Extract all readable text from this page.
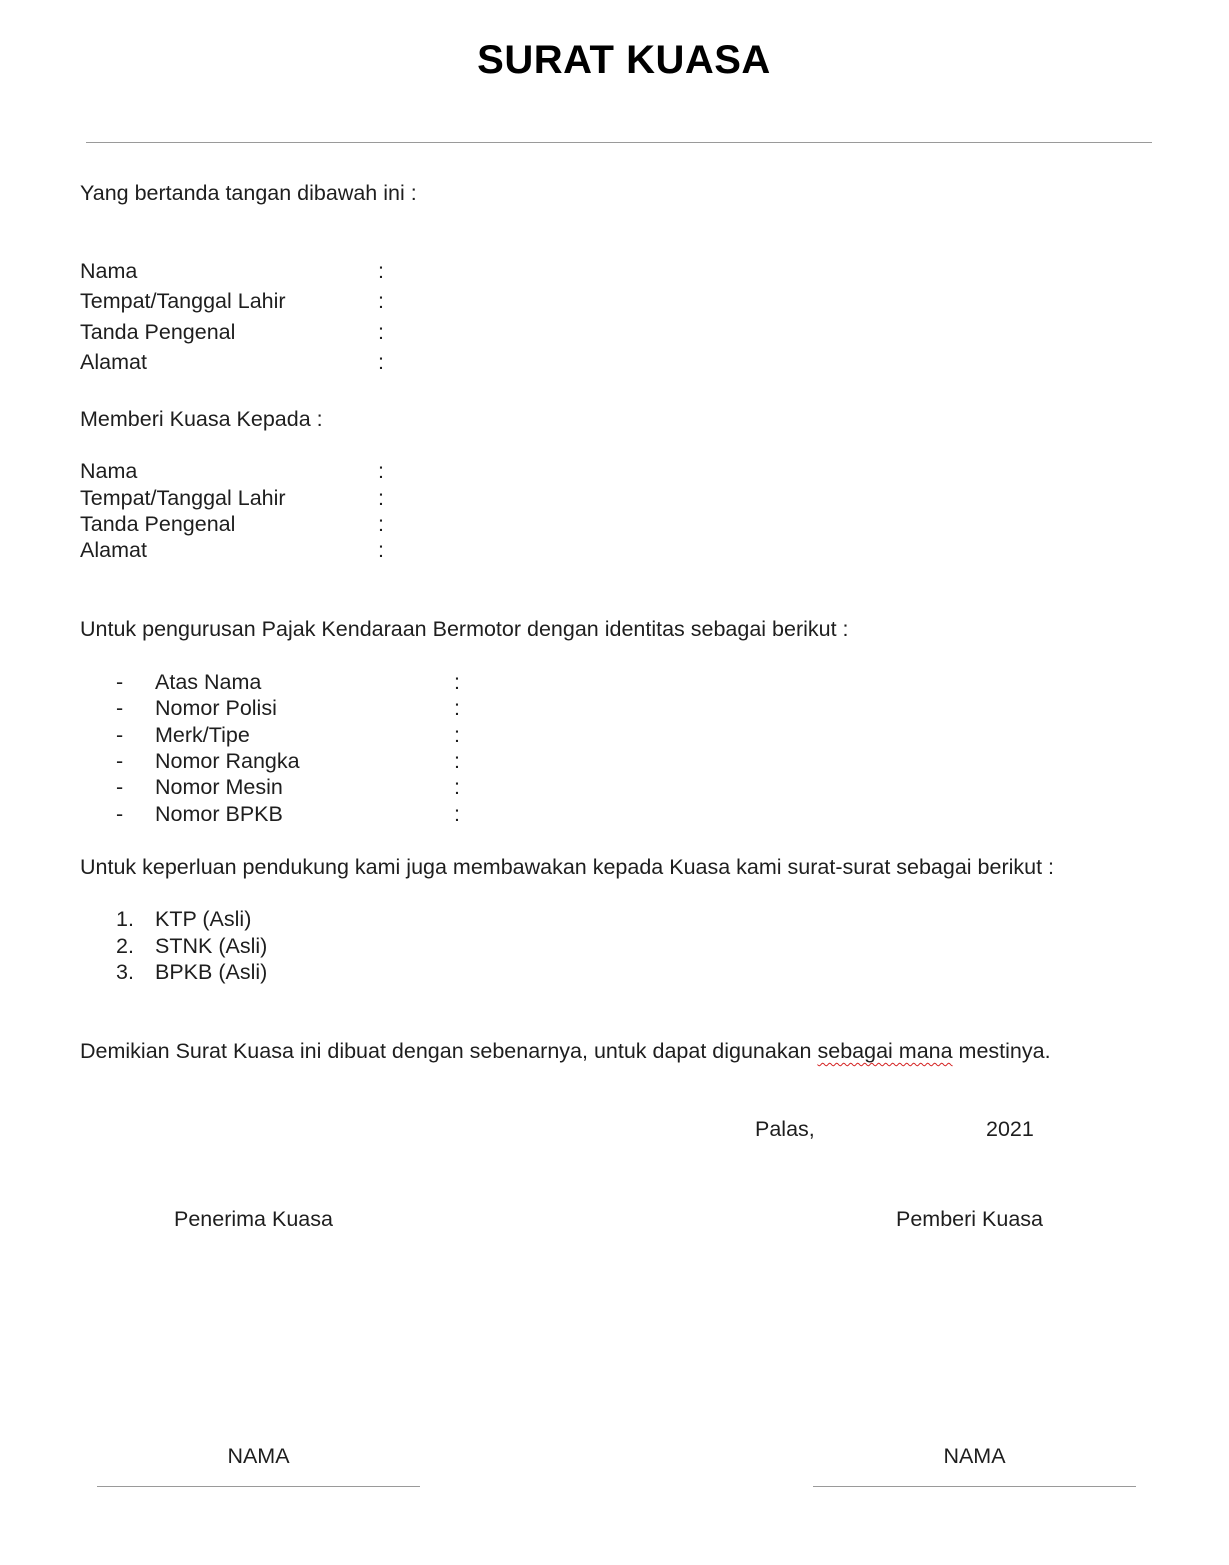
SURAT KUASA
Yang bertanda tangan dibawah ini :
Nama	:
Tempat/Tanggal Lahir	:
Tanda Pengenal	:
Alamat	:
Memberi Kuasa Kepada :
Nama	:
Tempat/Tanggal Lahir	:
Tanda Pengenal	:
Alamat	:
Untuk pengurusan Pajak Kendaraan Bermotor dengan identitas sebagai berikut :
- Atas Nama	:
- Nomor Polisi	:
- Merk/Tipe	:
- Nomor Rangka	:
- Nomor Mesin	:
- Nomor BPKB	:
Untuk keperluan pendukung kami juga membawakan kepada Kuasa kami surat-surat sebagai berikut :
1. KTP (Asli)
2. STNK (Asli)
3. BPKB (Asli)
Demikian Surat Kuasa ini dibuat dengan sebenarnya, untuk dapat digunakan sebagai mana mestinya.
Palas,	2021
Penerima Kuasa	Pemberi Kuasa
NAMA	NAMA
